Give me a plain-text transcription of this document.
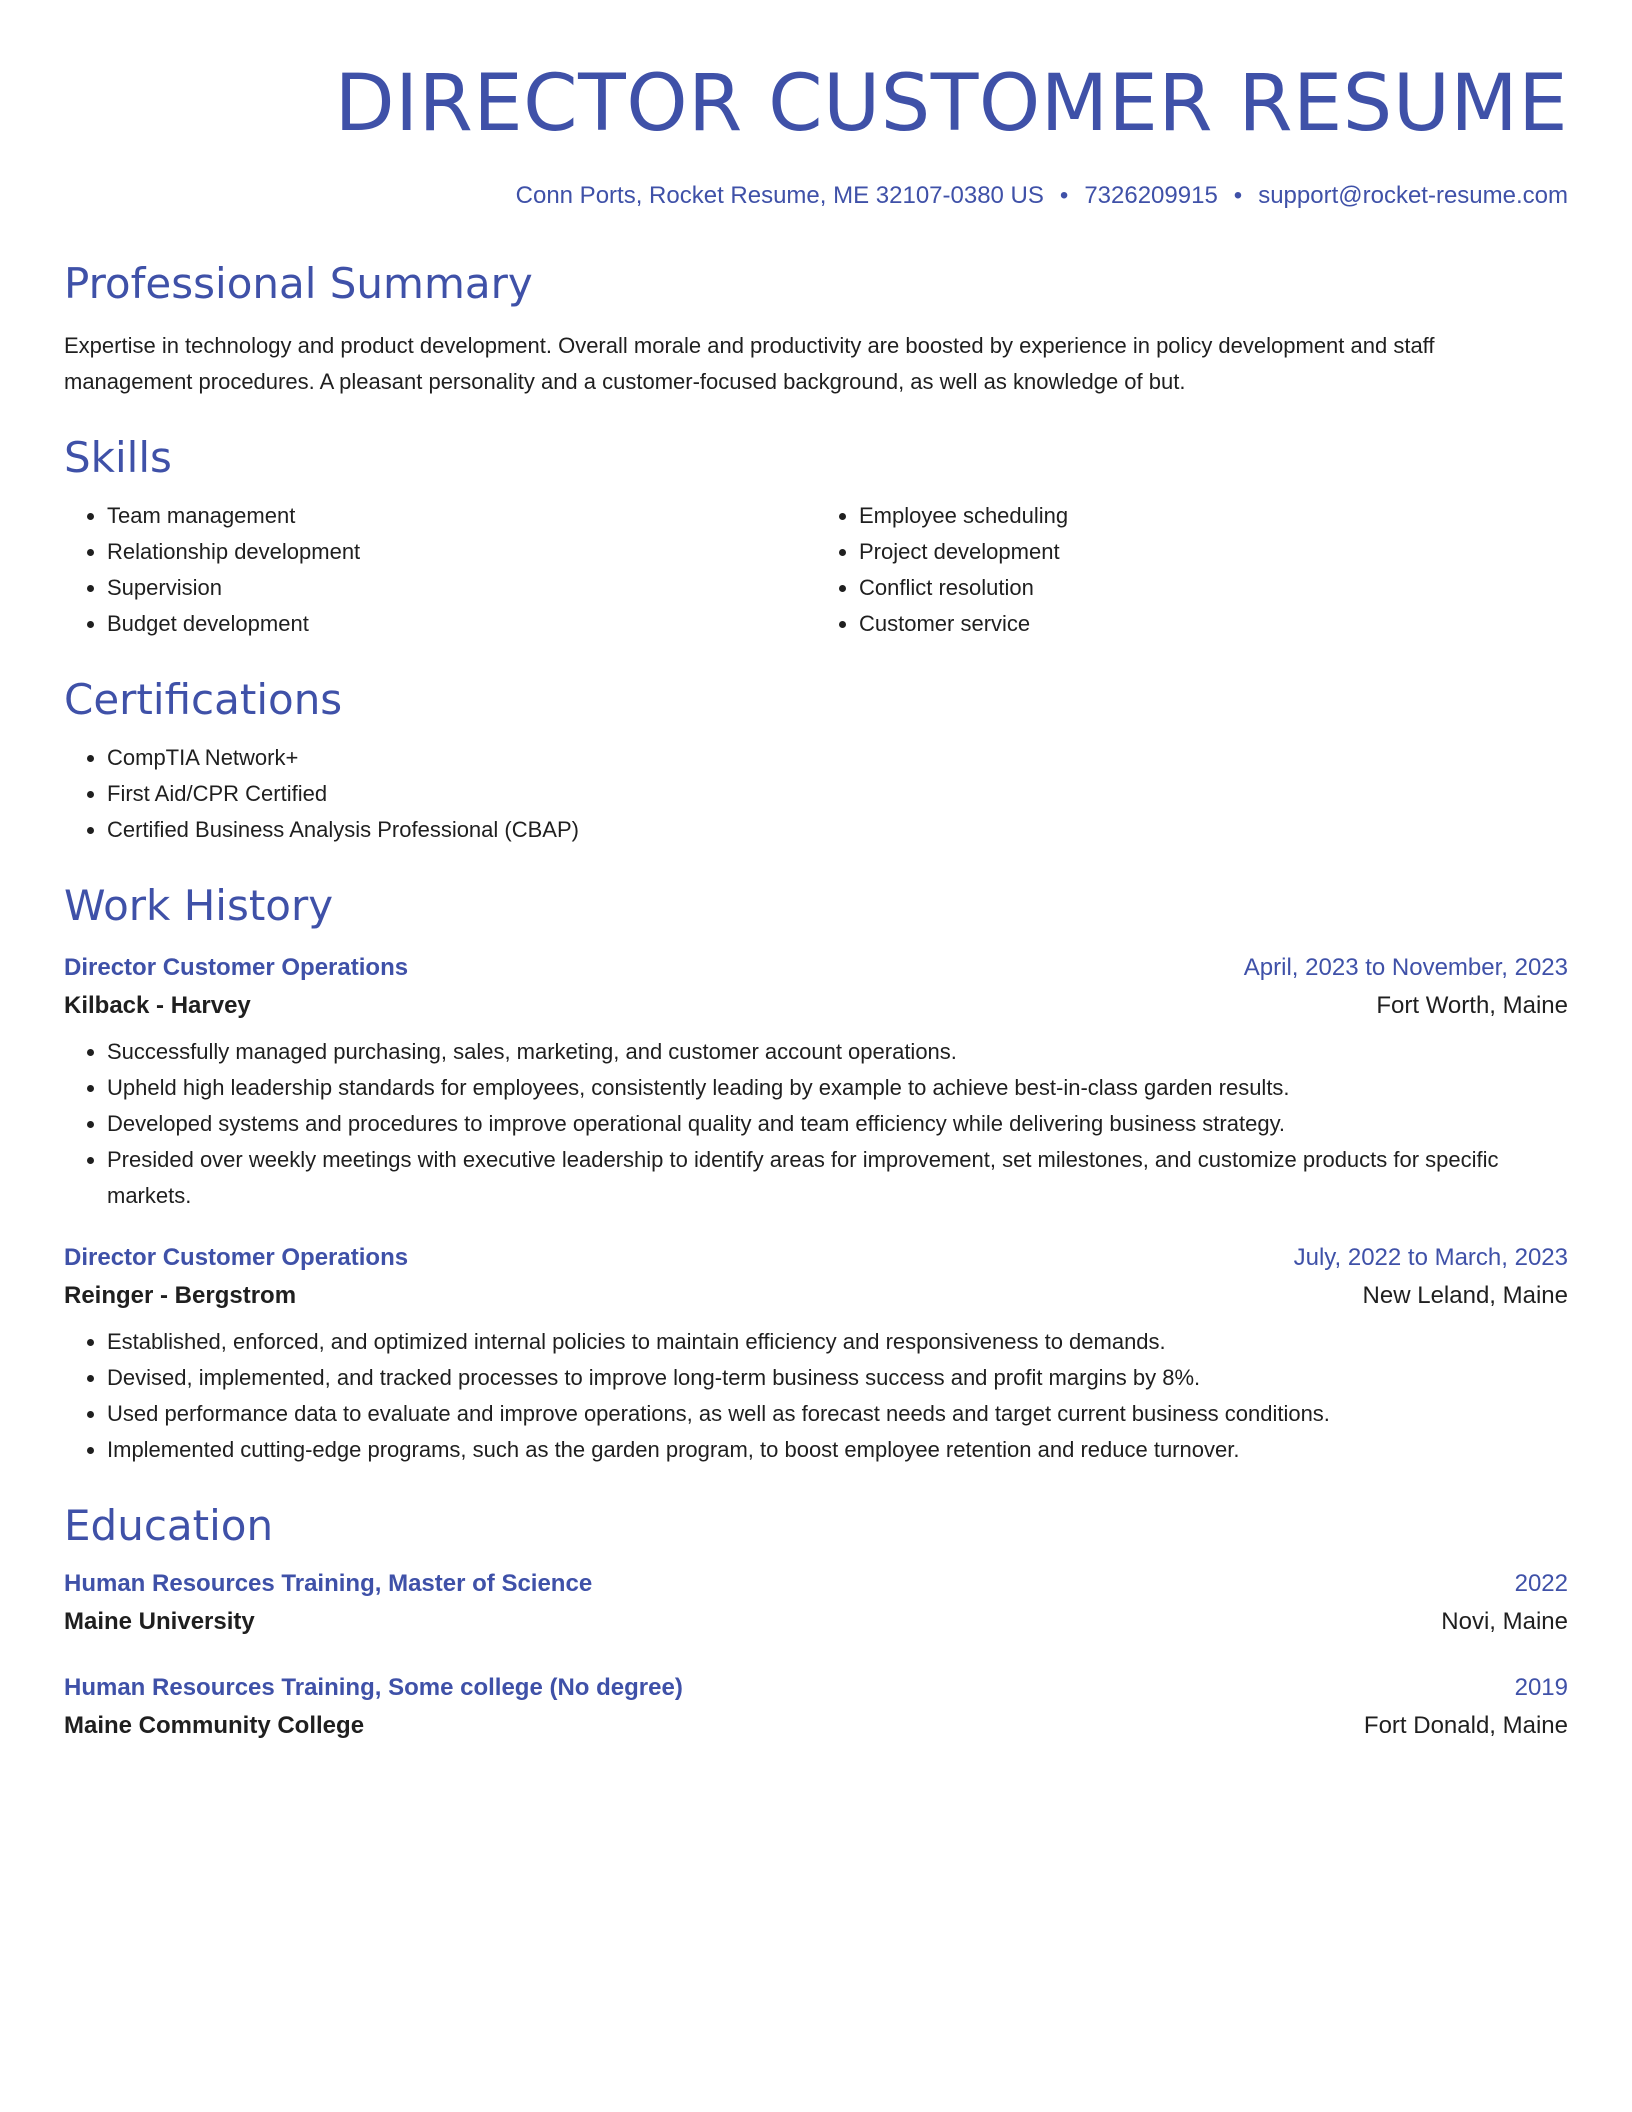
DIRECTOR CUSTOMER RESUME
Conn Ports, Rocket Resume, ME 32107-0380 US • 7326209915 • support@rocket-resume.com
Professional Summary

Expertise in technology and product development. Overall morale and productivity are boosted by experience in policy development and staff management procedures. A pleasant personality and a customer-focused background, as well as knowledge of but.

Skills
• Team management
• Relationship development
• Supervision
• Budget development
• Employee scheduling
• Project development
• Conflict resolution
• Customer service
Certifications
• CompTIA Network+
• First Aid/CPR Certified
• Certified Business Analysis Professional (CBAP)
Work History
Director Customer Operations	April, 2023 to November, 2023
Kilback - Harvey	Fort Worth, Maine
• Successfully managed purchasing, sales, marketing, and customer account operations.
• Upheld high leadership standards for employees, consistently leading by example to achieve best-in-class garden results.
• Developed systems and procedures to improve operational quality and team efficiency while delivering business strategy.
• Presided over weekly meetings with executive leadership to identify areas for improvement, set milestones, and customize products for specific markets.
Director Customer Operations	July, 2022 to March, 2023
Reinger - Bergstrom	New Leland, Maine
• Established, enforced, and optimized internal policies to maintain efficiency and responsiveness to demands.
• Devised, implemented, and tracked processes to improve long-term business success and profit margins by 8%.
• Used performance data to evaluate and improve operations, as well as forecast needs and target current business conditions.
• Implemented cutting-edge programs, such as the garden program, to boost employee retention and reduce turnover.
Education
Human Resources Training, Master of Science	2022
Maine University	Novi, Maine
Human Resources Training, Some college (No degree)	2019
Maine Community College	Fort Donald, Maine
